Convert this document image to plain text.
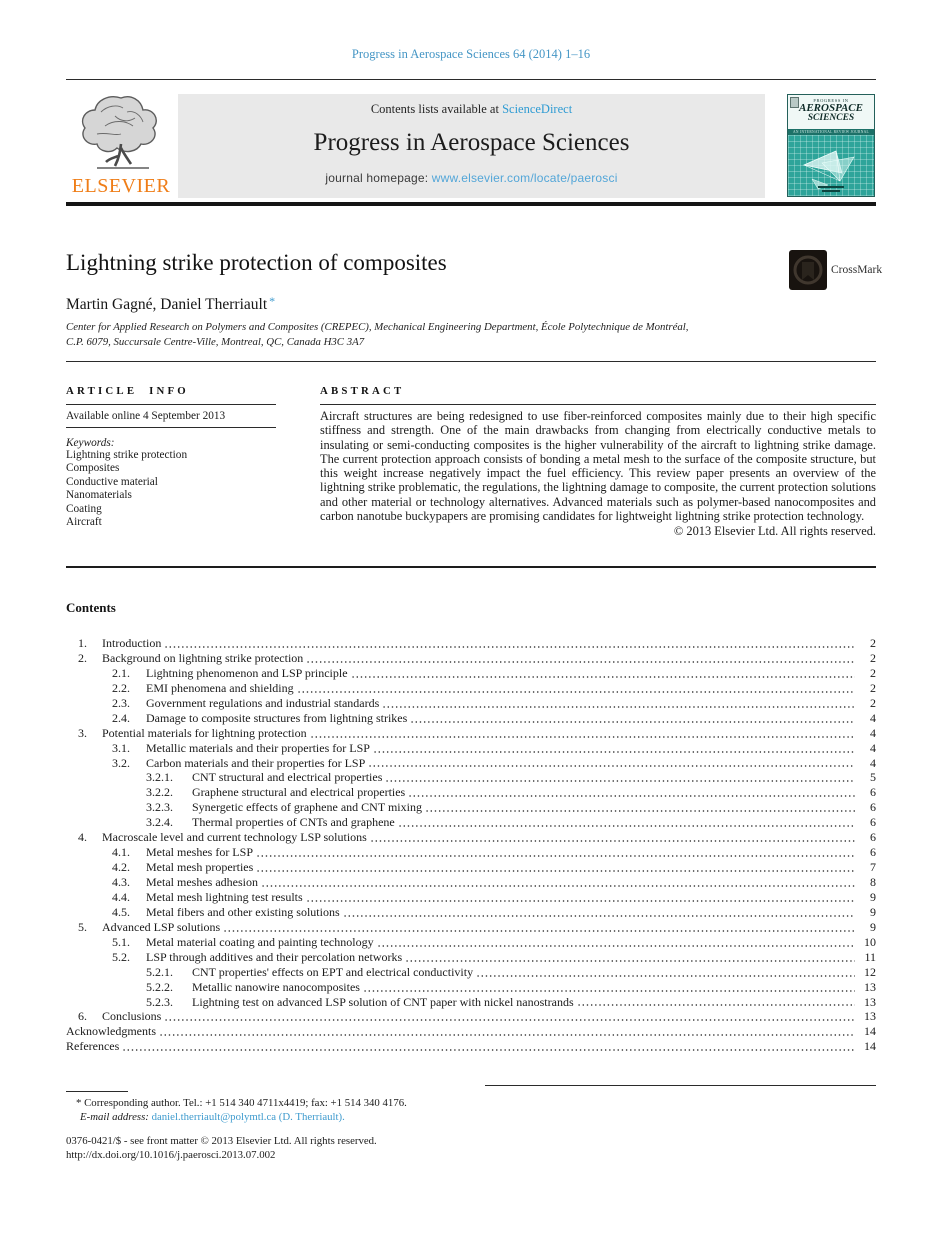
Progress in Aerospace Sciences 64 (2014) 1–16
ELSEVIER
Contents lists available at ScienceDirect
Progress in Aerospace Sciences
journal homepage: www.elsevier.com/locate/paerosci
PROGRESS IN
AEROSPACE
SCIENCES
AN INTERNATIONAL REVIEW JOURNAL
Lightning strike protection of composites	CrossMark
Martin Gagné, Daniel Therriault *
Center for Applied Research on Polymers and Composites (CREPEC), Mechanical Engineering Department, École Polytechnique de Montréal,
C.P. 6079, Succursale Centre-Ville, Montreal, QC, Canada H3C 3A7
ARTICLE INFO
Available online 4 September 2013
Keywords:
Lightning strike protection
Composites
Conductive material
Nanomaterials
Coating
Aircraft
ABSTRACT
Aircraft structures are being redesigned to use fiber-reinforced composites mainly due to their high specific stiffness and strength. One of the main drawbacks from changing from electrically conductive metals to insulating or semi-conducting composites is the higher vulnerability of the aircraft to lightning strike damage. The current protection approach consists of bonding a metal mesh to the surface of the composite structure, but this weight increase negatively impact the fuel efficiency. This review paper presents an overview of the lightning strike problematic, the regulations, the lightning damage to composite, the current protection solutions and other material or technology alternatives. Advanced materials such as polymer-based nanocomposites and carbon nanotube buckypapers are promising candidates for lightweight lightning strike protection technology.
© 2013 Elsevier Ltd. All rights reserved.
Contents
1.	Introduction	2
2.	Background on lightning strike protection	2
2.1.	Lightning phenomenon and LSP principle	2
2.2.	EMI phenomena and shielding	2
2.3.	Government regulations and industrial standards	2
2.4.	Damage to composite structures from lightning strikes	4
3.	Potential materials for lightning protection	4
3.1.	Metallic materials and their properties for LSP	4
3.2.	Carbon materials and their properties for LSP	4
3.2.1.	CNT structural and electrical properties	5
3.2.2.	Graphene structural and electrical properties	6
3.2.3.	Synergetic effects of graphene and CNT mixing	6
3.2.4.	Thermal properties of CNTs and graphene	6
4.	Macroscale level and current technology LSP solutions	6
4.1.	Metal meshes for LSP	6
4.2.	Metal mesh properties	7
4.3.	Metal meshes adhesion	8
4.4.	Metal mesh lightning test results	9
4.5.	Metal fibers and other existing solutions	9
5.	Advanced LSP solutions	9
5.1.	Metal material coating and painting technology	10
5.2.	LSP through additives and their percolation networks	11
5.2.1.	CNT properties' effects on EPT and electrical conductivity	12
5.2.2.	Metallic nanowire nanocomposites	13
5.2.3.	Lightning test on advanced LSP solution of CNT paper with nickel nanostrands	13
6.	Conclusions	13
Acknowledgments	14
References	14
* Corresponding author. Tel.: +1 514 340 4711x4419; fax: +1 514 340 4176.
E-mail address: daniel.therriault@polymtl.ca (D. Therriault).
0376-0421/$ - see front matter © 2013 Elsevier Ltd. All rights reserved.
http://dx.doi.org/10.1016/j.paerosci.2013.07.002
